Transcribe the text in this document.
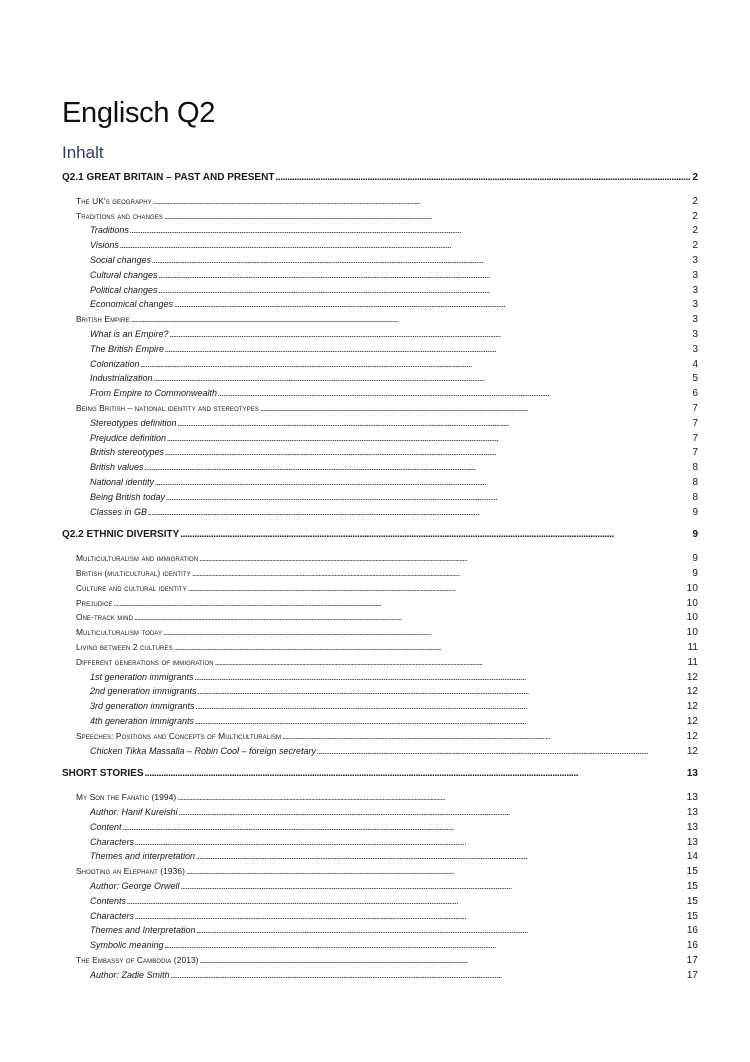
Englisch Q2
Inhalt
Q2.1 GREAT BRITAIN – PAST AND PRESENT . . .	2
The UK's geography . . .	2
Traditions and changes . . .	2
Traditions . . .	2
Visions . . .	2
Social changes . . .	3
Cultural changes . . .	3
Political changes . . .	3
Economical changes . . .	3
British Empire . . .	3
What is an Empire? . . .	3
The British Empire . . .	3
Colonization . . .	4
Industrialization . . .	5
From Empire to Commonwealth . . .	6
Being British – national identity and stereotypes . . .	7
Stereotypes definition . . .	7
Prejudice definition . . .	7
British stereotypes . . .	7
British values . . .	8
National identity . . .	8
Being British today . . .	8
Classes in GB . . .	9
Q2.2 ETHNIC DIVERSITY . . .	9
Multiculturalism and immigration . . .	9
British (multicultural) identity . . .	9
Culture and cultural identity . . .	10
Prejudice . . .	10
One-track mind . . .	10
Multiculturalism today . . .	10
Living between 2 cultures . . .	11
Different generations of immigration . . .	11
1st generation immigrants . . .	12
2nd generation immigrants . . .	12
3rd generation immigrants . . .	12
4th generation immigrants . . .	12
Speeches: Positions and Concepts of Multiculturalism . . .	12
Chicken Tikka Massalla – Robin Cool – foreign secretary . . .	12
SHORT STORIES . . .	13
My Son the Fanatic (1994) . . .	13
Author: Hanif Kureishi . . .	13
Content . . .	13
Characters . . .	13
Themes and interpretation . . .	14
Shooting an Elephant (1936) . . .	15
Author: George Orwell . . .	15
Contents . . .	15
Characters . . .	15
Themes and Interpretation . . .	16
Symbolic meaning . . .	16
The Embassy of Cambodia (2013) . . .	17
Author: Zadie Smith . . .	17
